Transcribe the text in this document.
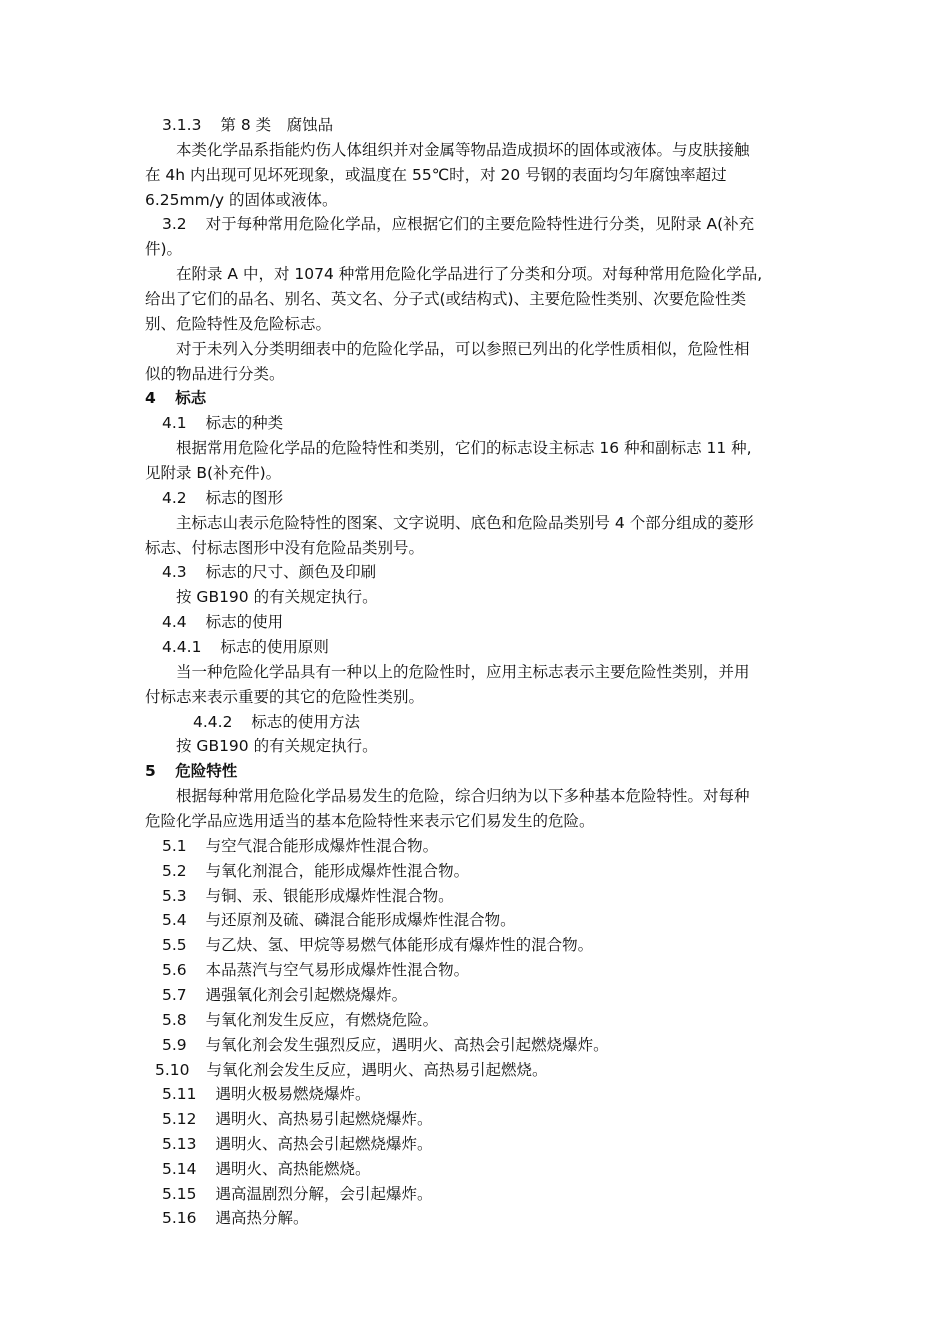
3.1.3 第 8 类　腐蚀品
本类化学品系指能灼伤人体组织并对金属等物品造成损坏的固体或液体。与皮肤接触
在 4h 内出现可见坏死现象，或温度在 55℃时，对 20 号钢的表面均匀年腐蚀率超过
6.25mm/y 的固体或液体。
3.2 对于每种常用危险化学品，应根据它们的主要危险特性进行分类，见附录 A(补充
件)。
在附录 A 中，对 1074 种常用危险化学品进行了分类和分项。对每种常用危险化学品,
给出了它们的品名、别名、英文名、分子式(或结构式)、主要危险性类别、次要危险性类
别、危险特性及危险标志。
对于未列入分类明细表中的危险化学品，可以参照已列出的化学性质相似，危险性相
似的物品进行分类。
4 标志
4.1 标志的种类
根据常用危险化学品的危险特性和类别，它们的标志设主标志 16 种和副标志 11 种,
见附录 B(补充件)。
4.2 标志的图形
主标志山表示危险特性的图案、文字说明、底色和危险品类别号 4 个部分组成的菱形
标志、付标志图形中没有危险品类别号。
4.3 标志的尺寸、颜色及印刷
按 GB190 的有关规定执行。
4.4 标志的使用
4.4.1 标志的使用原则
当一种危险化学品具有一种以上的危险性时，应用主标志表示主要危险性类别，并用
付标志来表示重要的其它的危险性类别。
4.4.2 标志的使用方法
按 GB190 的有关规定执行。
5 危险特性
根据每种常用危险化学品易发生的危险，综合归纳为以下多种基本危险特性。对每种
危险化学品应选用适当的基本危险特性来表示它们易发生的危险。
5.1 与空气混合能形成爆炸性混合物。
5.2 与氧化剂混合，能形成爆炸性混合物。
5.3 与铜、汞、银能形成爆炸性混合物。
5.4 与还原剂及硫、磷混合能形成爆炸性混合物。
5.5 与乙炔、氢、甲烷等易燃气体能形成有爆炸性的混合物。
5.6 本品蒸汽与空气易形成爆炸性混合物。
5.7 遇强氧化剂会引起燃烧爆炸。
5.8 与氧化剂发生反应，有燃烧危险。
5.9 与氧化剂会发生强烈反应，遇明火、高热会引起燃烧爆炸。
5.10 与氧化剂会发生反应，遇明火、高热易引起燃烧。
5.11 遇明火极易燃烧爆炸。
5.12 遇明火、高热易引起燃烧爆炸。
5.13 遇明火、高热会引起燃烧爆炸。
5.14 遇明火、高热能燃烧。
5.15 遇高温剧烈分解，会引起爆炸。
5.16 遇高热分解。
